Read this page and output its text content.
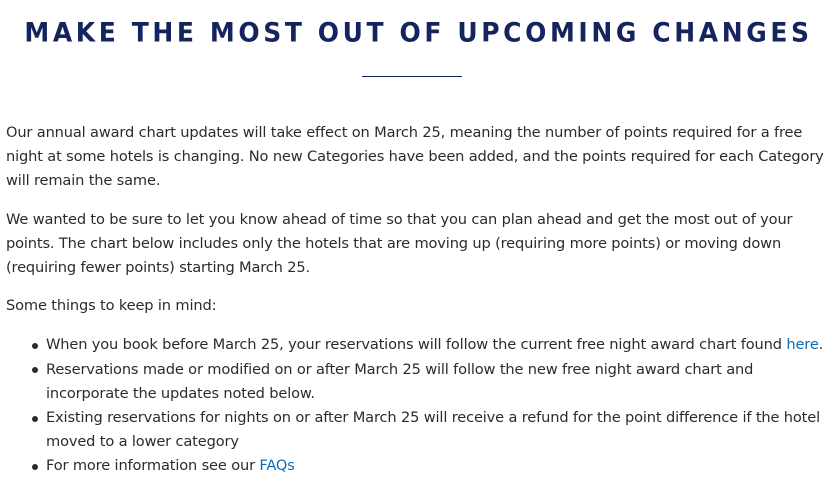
MAKE THE MOST OUT OF UPCOMING CHANGES

Our annual award chart updates will take effect on March 25, meaning the number of points required for a free night at some hotels is changing. No new Categories have been added, and the points required for each Category will remain the same.

We wanted to be sure to let you know ahead of time so that you can plan ahead and get the most out of your points. The chart below includes only the hotels that are moving up (requiring more points) or moving down (requiring fewer points) starting March 25.

Some things to keep in mind:

When you book before March 25, your reservations will follow the current free night award chart found here.
Reservations made or modified on or after March 25 will follow the new free night award chart and incorporate the updates noted below.
Existing reservations for nights on or after March 25 will receive a refund for the point difference if the hotel moved to a lower category
For more information see our FAQs
